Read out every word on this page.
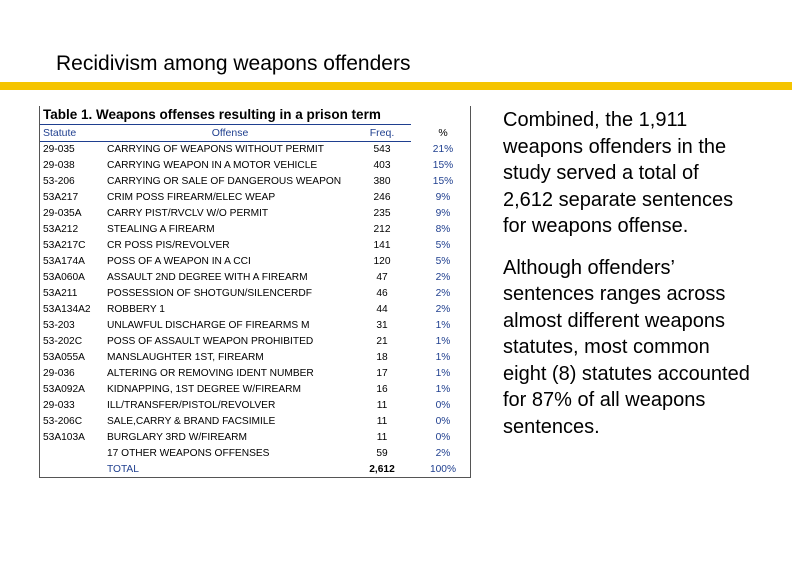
Recidivism among weapons offenders
Table 1. Weapons offenses resulting in a prison term
Statute	Offense	Freq.	%
29-035	CARRYING OF WEAPONS WITHOUT PERMIT	543	21%
29-038	CARRYING WEAPON IN A MOTOR VEHICLE	403	15%
53-206	CARRYING OR SALE OF DANGEROUS WEAPON	380	15%
53A217	CRIM POSS FIREARM/ELEC WEAP	246	9%
29-035A	CARRY PIST/RVCLV W/O PERMIT	235	9%
53A212	STEALING A FIREARM	212	8%
53A217C	CR POSS PIS/REVOLVER	141	5%
53A174A	POSS OF A WEAPON IN A CCI	120	5%
53A060A	ASSAULT 2ND DEGREE WITH A FIREARM	47	2%
53A211	POSSESSION OF SHOTGUN/SILENCERDF	46	2%
53A134A2	ROBBERY 1	44	2%
53-203	UNLAWFUL DISCHARGE OF FIREARMS M	31	1%
53-202C	POSS OF ASSAULT WEAPON PROHIBITED	21	1%
53A055A	MANSLAUGHTER 1ST, FIREARM	18	1%
29-036	ALTERING OR REMOVING IDENT NUMBER	17	1%
53A092A	KIDNAPPING, 1ST DEGREE W/FIREARM	16	1%
29-033	ILL/TRANSFER/PISTOL/REVOLVER	11	0%
53-206C	SALE,CARRY & BRAND FACSIMILE	11	0%
53A103A	BURGLARY 3RD W/FIREARM	11	0%
	17 OTHER WEAPONS OFFENSES	59	2%
	TOTAL	2,612	100%

Combined, the 1,911 weapons offenders in the study served a total of 2,612 separate sentences for weapons offense.

Although offenders’ sentences ranges across almost different weapons statutes, most common eight (8) statutes accounted for 87% of all weapons sentences.
